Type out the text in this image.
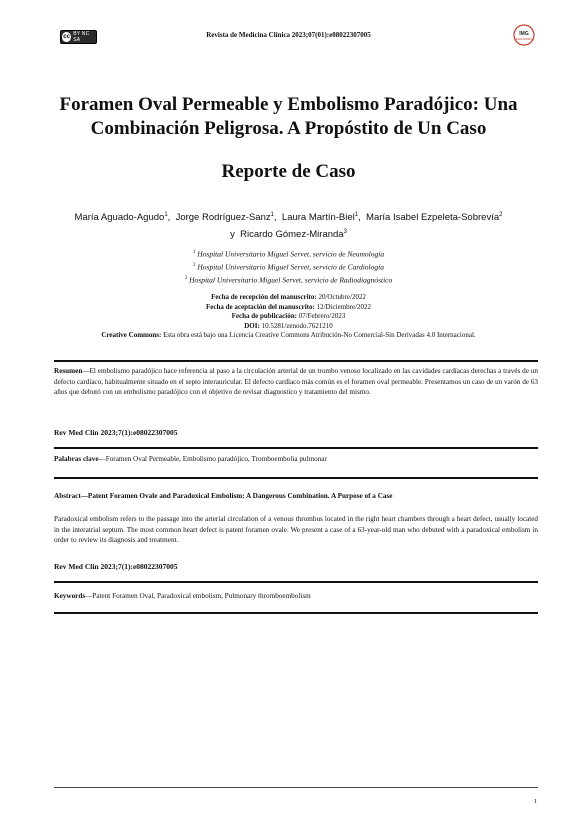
cc BY NC SA
Revista de Medicina Clínica 2023;07(01):e08022307005	IMG
EDICIONES
Foramen Oval Permeable y Embolismo Paradójico: Una
Combinación Peligrosa. A Propóstito de Un Caso
Reporte de Caso
María Aguado-Agudo$^1$,  Jorge Rodríguez-Sanz$^1$,  Laura Martín-Biel$^1$,  María Isabel Ezpeleta-Sobrevía$^2$
y Ricardo Gómez-Miranda$^3$
$^1$ Hospital Universitario Miguel Servet, servicio de Neumología
$^2$ Hospital Universitario Miguel Servet, servicio de Cardiología
$^3$ Hospital Universitario Miguel Servet, servicio de Radiodiagnóstico
Fecha de recepción del manuscrito: 20/Octubre/2022
Fecha de aceptación del manuscrito: 12/Diciembre/2022
Fecha de publicación: 07/Febrero/2023
DOI: 10.5281/zenodo.7621210
Creative Commons: Esta obra está bajo una Licencia Creative Commons Atribución-No Comercial-Sin Derivadas 4.0 Internacional.
Resumen—El embolismo paradójico hace referencia al paso a la circulación arterial de un trombo venoso localizado en las cavidades cardíacas derechas a través de un defecto cardíaco, habitualmente situado en el septo interauricular. El defecto cardíaco más común es el foramen oval permeable. Presentamos un caso de un varón de 63 años que debutó con un embolismo paradójico con el objetivo de revisar diagnostico y tratamiento del mismo.
Rev Med Clin 2023;7(1):e08022307005
Palabras clave—Foramen Oval Permeable, Embolismo paradójico, Tromboembolia pulmonar
Abstract—Patent Foramen Ovale and Paradoxical Embolism: A Dangerous Combination. A Purpose of a Case
Paradoxical embolism refers to the passage into the arterial circulation of a venous thrombus located in the right heart chambers through a heart defect, usually located in the interatrial septum. The most common heart defect is patent foramen ovale. We present a case of a 63-year-old man who debuted with a paradoxical embolism in order to review its diagnosis and treatment.
Rev Med Clin 2023;7(1):e08022307005
Keywords—Patent Foramen Oval, Paradoxical embolism, Pulmonary thromboembolism
1
